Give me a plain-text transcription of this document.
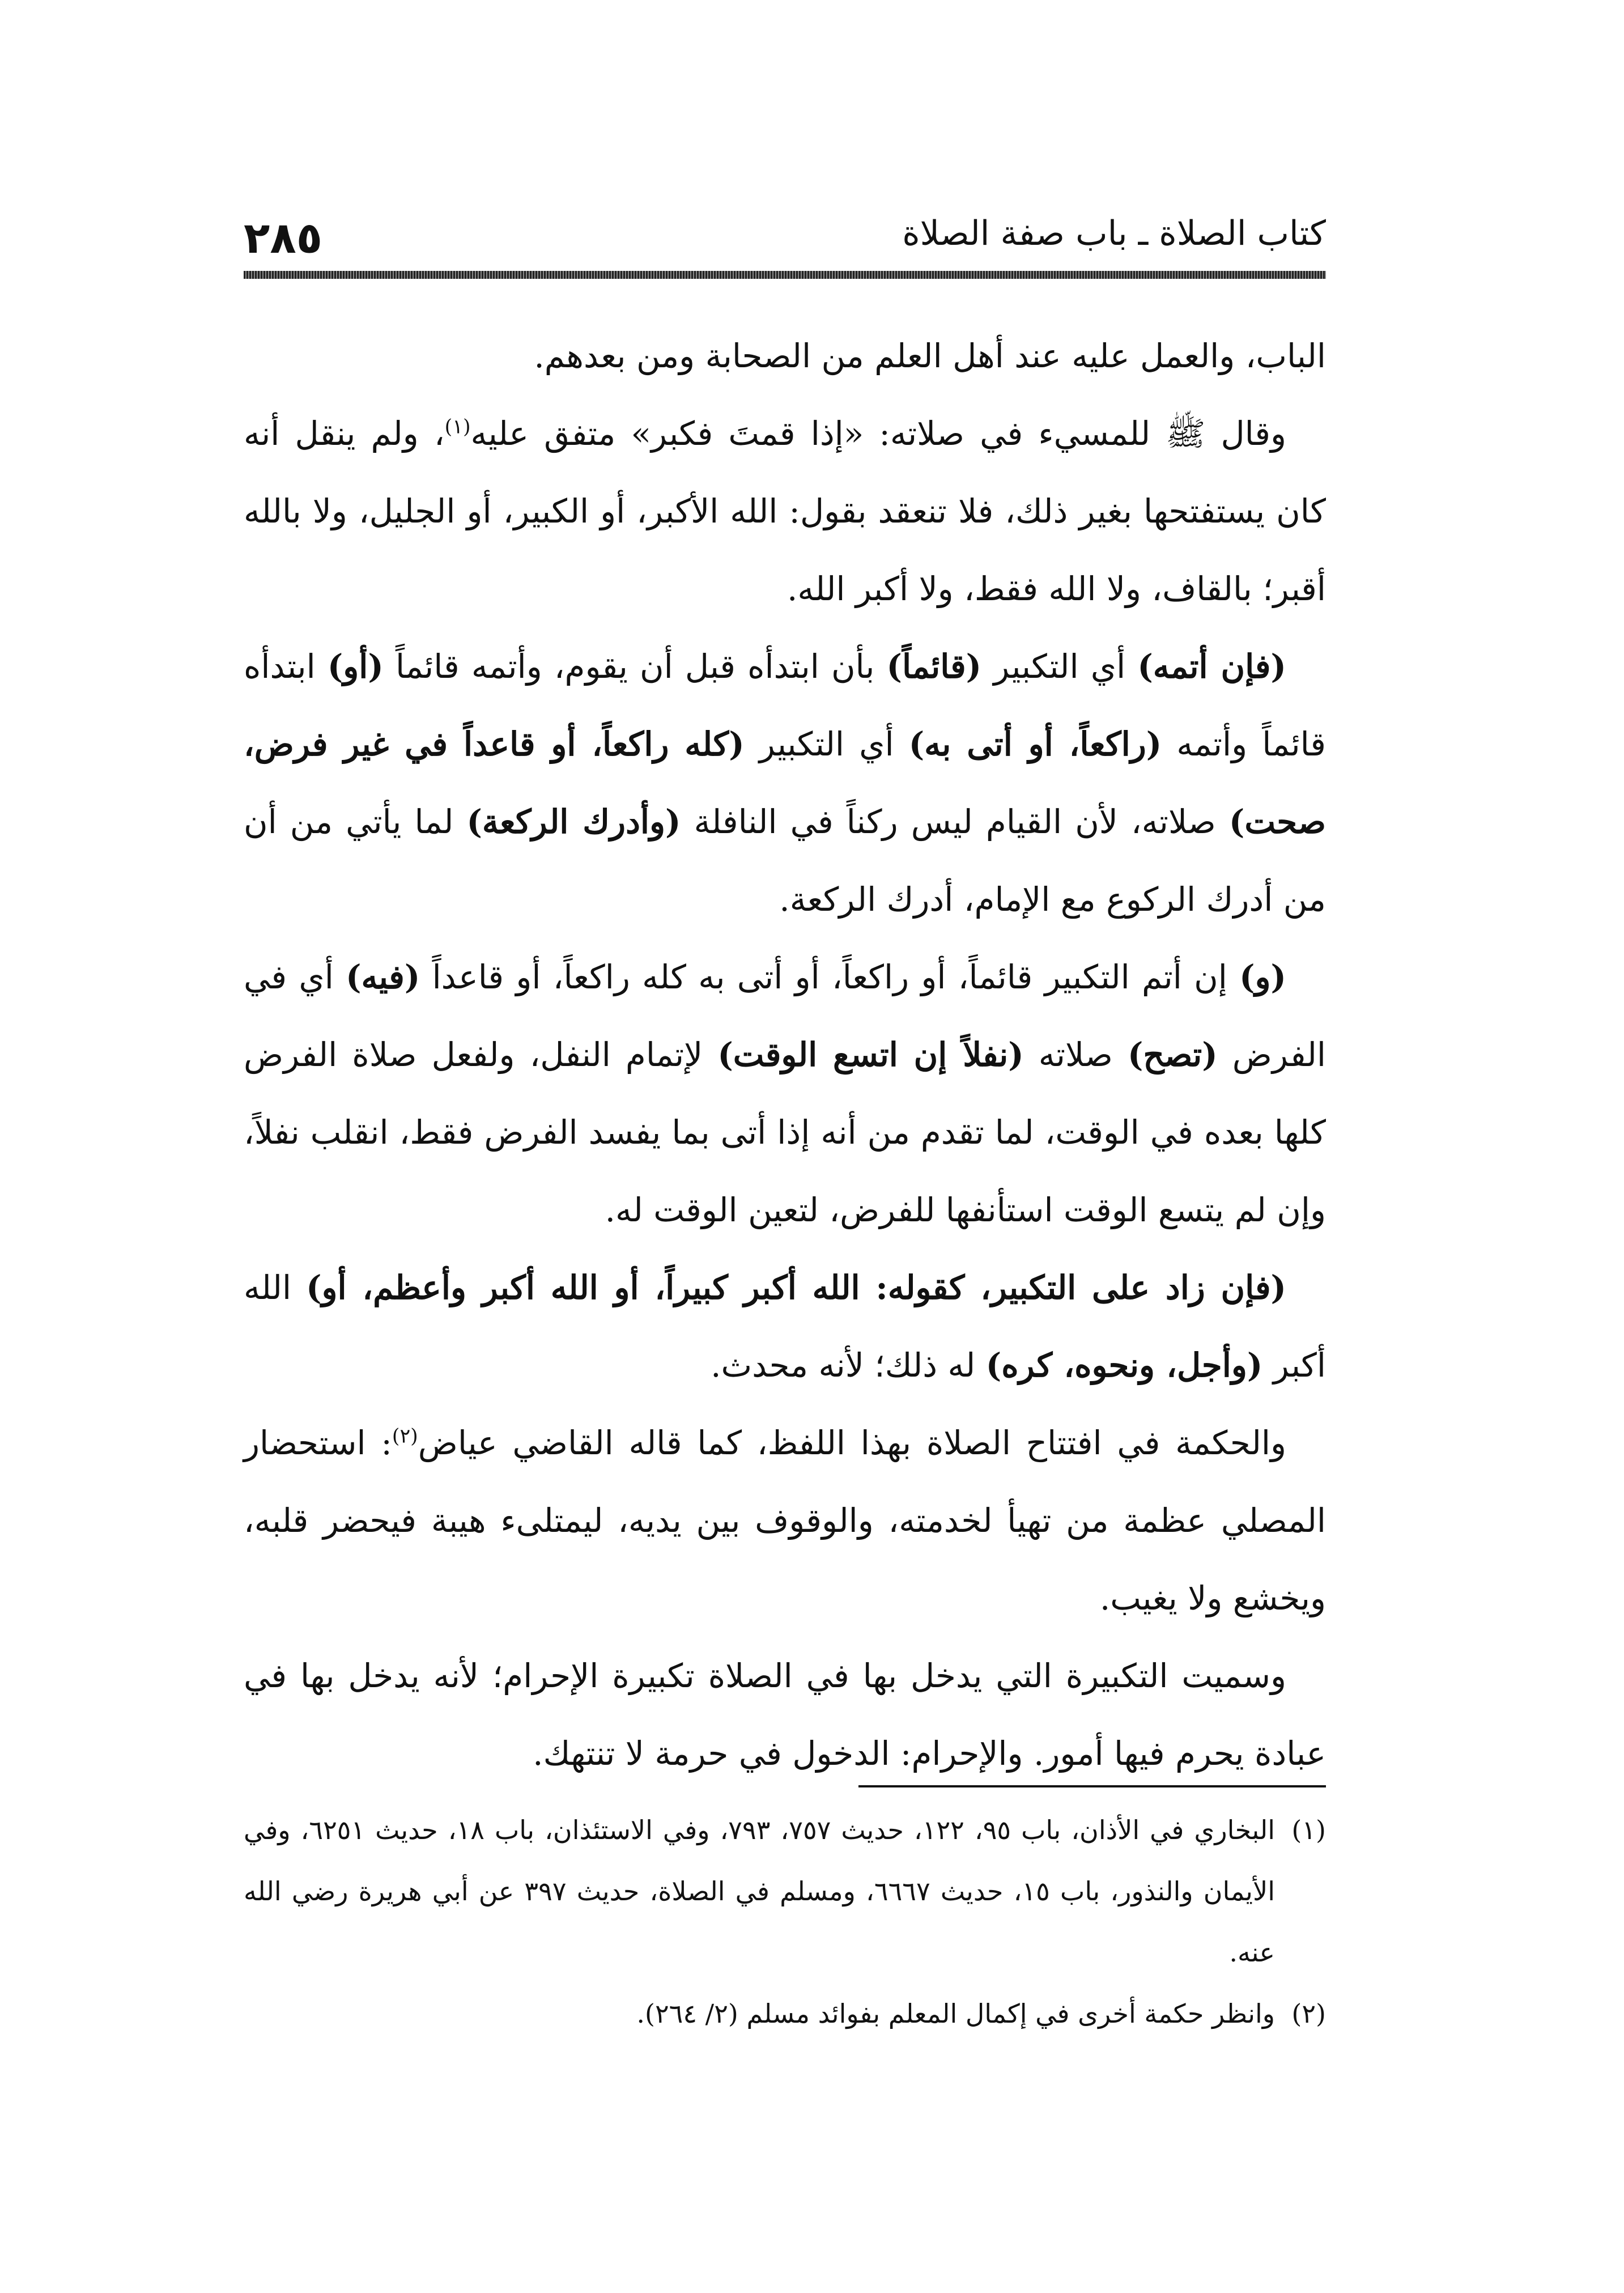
٢٨٥	كتاب الصلاة ـ باب صفة الصلاة

الباب، والعمل عليه عند أهل العلم من الصحابة ومن بعدهم.

وقال ﷺ للمسيء في صلاته: «إذا قمتَ فكبر» متفق عليه$^{(١)}$، ولم ينقل أنه كان يستفتحها بغير ذلك، فلا تنعقد بقول: الله الأكبر، أو الكبير، أو الجليل، ولا بالله أقبر؛ بالقاف، ولا الله فقط، ولا أكبر الله.

(فإن أتمه) أي التكبير (قائماً) بأن ابتدأه قبل أن يقوم، وأتمه قائماً (أو) ابتدأه قائماً وأتمه (راكعاً، أو أتى به) أي التكبير (كله راكعاً، أو قاعداً في غير فرض، صحت) صلاته، لأن القيام ليس ركناً في النافلة (وأدرك الركعة) لما يأتي من أن من أدرك الركوع مع الإمام، أدرك الركعة.

(و) إن أتم التكبير قائماً، أو راكعاً، أو أتى به كله راكعاً، أو قاعداً (فيه) أي في الفرض (تصح) صلاته (نفلاً إن اتسع الوقت) لإتمام النفل، ولفعل صلاة الفرض كلها بعده في الوقت، لما تقدم من أنه إذا أتى بما يفسد الفرض فقط، انقلب نفلاً، وإن لم يتسع الوقت استأنفها للفرض، لتعين الوقت له.

(فإن زاد على التكبير، كقوله: الله أكبر كبيراً، أو الله أكبر وأعظم، أو) الله أكبر (وأجل، ونحوه، كره) له ذلك؛ لأنه محدث.

والحكمة في افتتاح الصلاة بهذا اللفظ، كما قاله القاضي عياض$^{(٢)}$: استحضار المصلي عظمة من تهيأ لخدمته، والوقوف بين يديه، ليمتلىء هيبة فيحضر قلبه، ويخشع ولا يغيب.

وسميت التكبيرة التي يدخل بها في الصلاة تكبيرة الإحرام؛ لأنه يدخل بها في عبادة يحرم فيها أمور. والإحرام: الدخول في حرمة لا تنتهك.

(١)
البخاري في الأذان، باب ٩٥، ١٢٢، حديث ٧٥٧، ٧٩٣، وفي الاستئذان، باب ١٨، حديث ٦٢٥١، وفي الأيمان والنذور، باب ١٥، حديث ٦٦٦٧، ومسلم في الصلاة، حديث ٣٩٧ عن أبي هريرة رضي الله عنه.
(٢)
وانظر حكمة أخرى في إكمال المعلم بفوائد مسلم (٢/ ٢٦٤).
